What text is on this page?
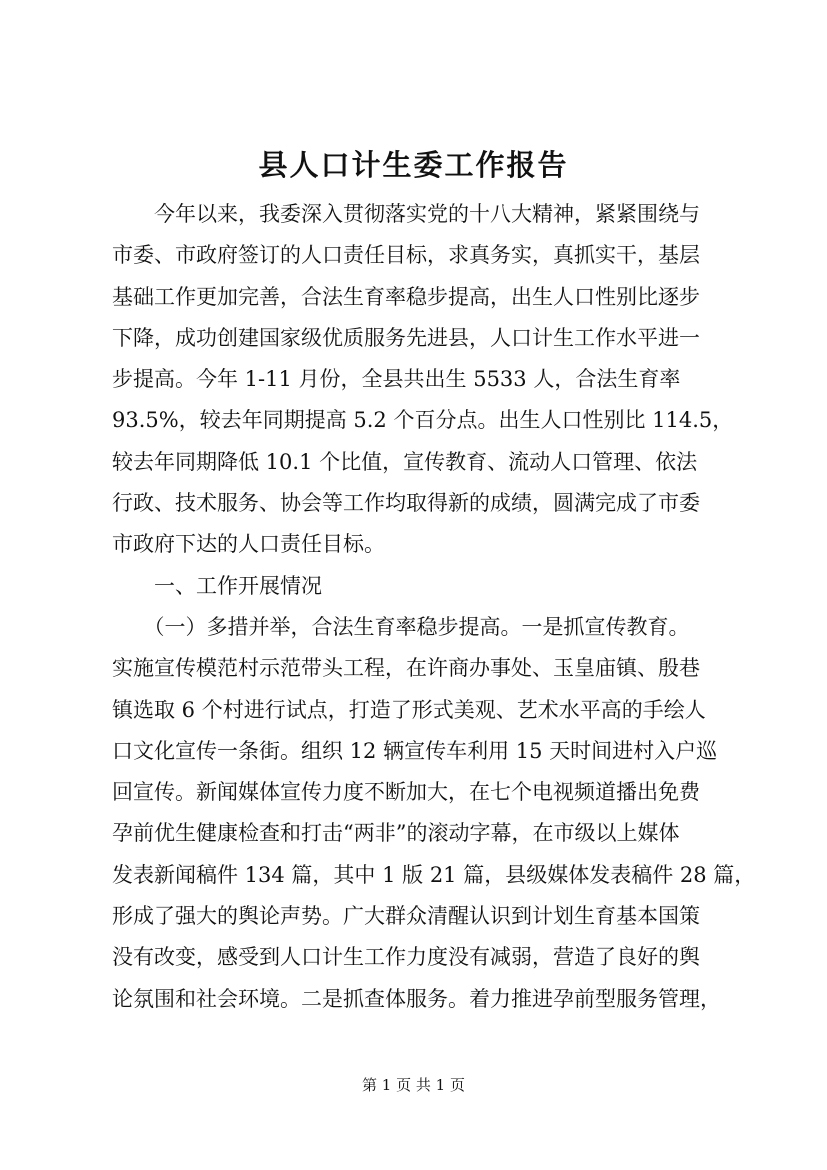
县人口计生委工作报告
　　今年以来，我委深入贯彻落实党的十八大精神，紧紧围绕与
市委、市政府签订的人口责任目标，求真务实，真抓实干，基层
基础工作更加完善，合法生育率稳步提高，出生人口性别比逐步
下降，成功创建国家级优质服务先进县，人口计生工作水平进一
步提高。今年 1-11 月份，全县共出生 5533 人，合法生育率
93.5%，较去年同期提高 5.2 个百分点。出生人口性别比 114.5，
较去年同期降低 10.1 个比值，宣传教育、流动人口管理、依法
行政、技术服务、协会等工作均取得新的成绩，圆满完成了市委
市政府下达的人口责任目标。
　　一、工作开展情况
　　（一）多措并举，合法生育率稳步提高。一是抓宣传教育。
实施宣传模范村示范带头工程，在许商办事处、玉皇庙镇、殷巷
镇选取 6 个村进行试点，打造了形式美观、艺术水平高的手绘人
口文化宣传一条街。组织 12 辆宣传车利用 15 天时间进村入户巡
回宣传。新闻媒体宣传力度不断加大，在七个电视频道播出免费
孕前优生健康检查和打击“两非”的滚动字幕，在市级以上媒体
发表新闻稿件 134 篇，其中 1 版 21 篇，县级媒体发表稿件 28 篇，
形成了强大的舆论声势。广大群众清醒认识到计划生育基本国策
没有改变，感受到人口计生工作力度没有减弱，营造了良好的舆
论氛围和社会环境。二是抓查体服务。着力推进孕前型服务管理，
第 1 页 共 1 页
